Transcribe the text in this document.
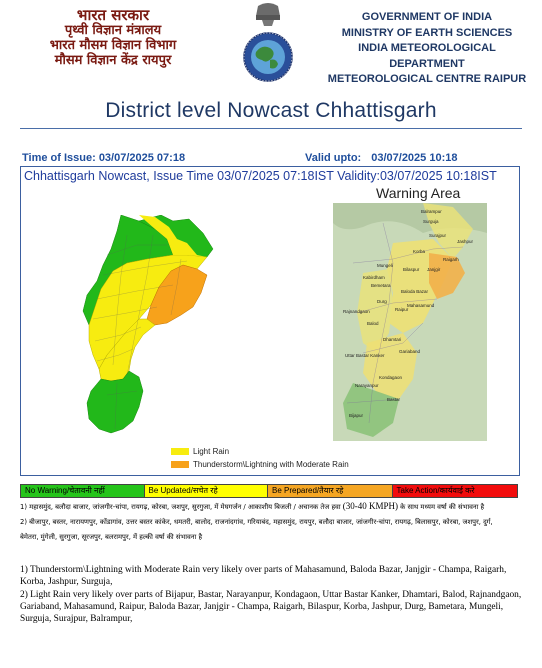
भारत सरकार
पृथ्वी विज्ञान मंत्रालय
भारत मौसम विज्ञान विभाग
मौसम विज्ञान केंद्र रायपुर
GOVERNMENT OF INDIA
MINISTRY OF EARTH SCIENCES
INDIA METEOROLOGICAL DEPARTMENT
METEOROLOGICAL CENTRE RAIPUR
District level Nowcast Chhattisgarh
Time of Issue: 03/07/2025 07:18	Valid upto: 03/07/2025 10:18
Chhattisgarh Nowcast, Issue Time 03/07/2025 07:18IST Validity:03/07/2025 10:18IST
Warning Area
Balrampur
Surguja
Surajpur
Jashpur
Korba
Raigarh
Mungeli
Bilaspur Janjgir
Bemetara
Baloda Bazar
Mahasamund
Kabirdham
Durg
Rajnandgaon	Raipur
Balod
Dhamtari
Uttar Bastar Kanker
Gariaband
Kondagaon
Narayanpur
Bastar
Bijapur
Light Rain
Thunderstorm\Lightning with Moderate Rain
No Warning/चेतावनी नहीं	Be Updated/सचेत रहे	Be Prepared/तैयार रहे	Take Action/कार्यवाई करे
1) महासमुंद, बलौदा बाजार, जांजगीर-चांपा, रायगढ़, कोरबा, जशपुर, सुरगुजा, में मेघगर्जन / आकाशीय बिजली / अचानक तेज हवा (30-40 KMPH) के साथ मध्यम वर्षा की संभावना है
2) बीजापुर, बस्तर, नारायणपुर, कोंडागांव, उत्तर बस्तर कांकेर, धमतरी, बालोद, राजनांदगांव, गरियाबंद, महासमुंद, रायपुर, बलौदा बाजार, जांजगीर-चांपा, रायगढ़, बिलासपुर, कोरबा, जशपुर, दुर्ग,
बेमेतरा, मुंगेली, सुरगुजा, सूरजपुर, बलरामपुर, में हल्की वर्षा की संभावना है

1) Thunderstorm\Lightning with Moderate Rain very likely over parts of Mahasamund, Baloda Bazar, Janjgir - Champa, Raigarh, Korba, Jashpur, Surguja,

2) Light Rain very likely over parts of Bijapur, Bastar, Narayanpur, Kondagaon, Uttar Bastar Kanker, Dhamtari, Balod, Rajnandgaon, Gariaband, Mahasamund, Raipur, Baloda Bazar, Janjgir - Champa, Raigarh, Bilaspur, Korba, Jashpur, Durg, Bametara, Mungeli, Surguja, Surajpur, Balrampur,
